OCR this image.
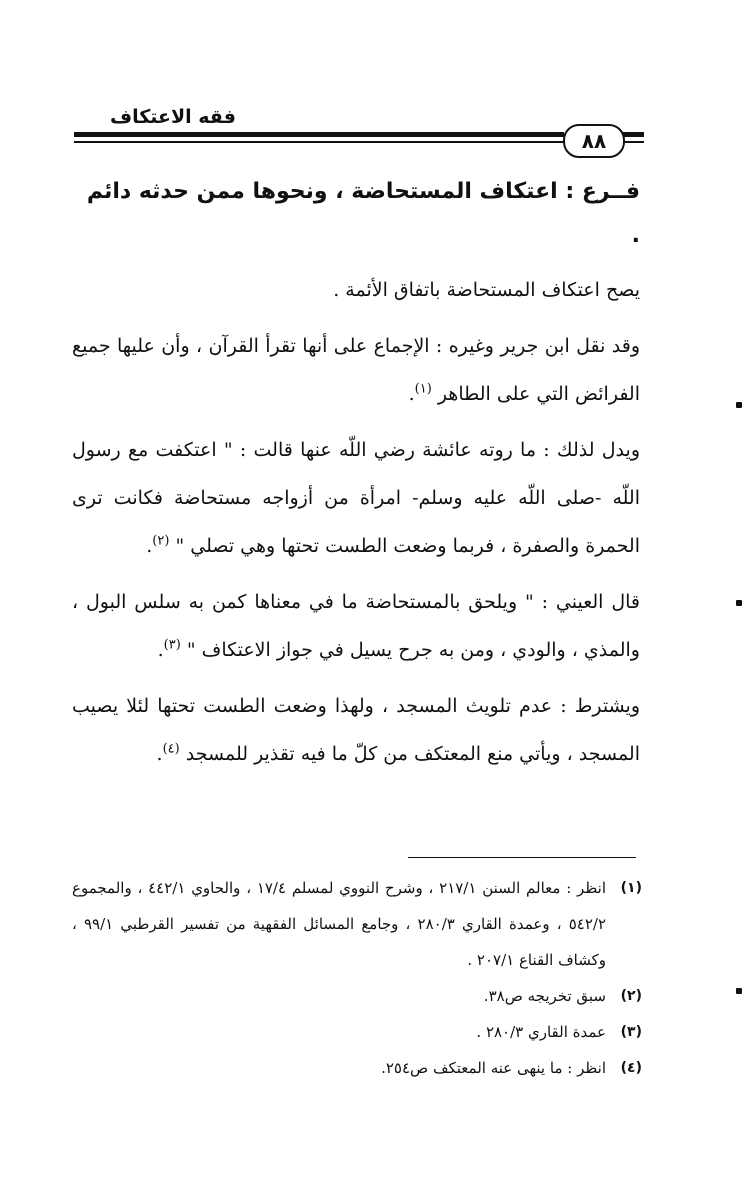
فقه الاعتكاف
٨٨
فــرع : اعتكاف المستحاضة ، ونحوها ممن حدثه دائم .

يصح اعتكاف المستحاضة باتفاق الأئمة .

وقد نقل ابن جرير وغيره : الإجماع على أنها تقرأ القرآن ، وأن عليها جميع الفرائض التي على الطاهر $^{(١)}$.

ويدل لذلك : ما روته عائشة رضي اللّه عنها قالت : " اعتكفت مع رسول اللّه -صلى اللّه عليه وسلم- امرأة من أزواجه مستحاضة فكانت ترى الحمرة والصفرة ، فربما وضعت الطست تحتها وهي تصلي " $^{(٢)}$.

قال العيني : " ويلحق بالمستحاضة ما في معناها كمن به سلس البول ، والمذي ، والودي ، ومن به جرح يسيل في جواز الاعتكاف " $^{(٣)}$.

ويشترط : عدم تلويث المسجد ، ولهذا وضعت الطست تحتها لئلا يصيب المسجد ، ويأتي منع المعتكف من كلّ ما فيه تقذير للمسجد $^{(٤)}$.

(١)
انظر : معالم السنن ٢١٧/١ ، وشرح النووي لمسلم ١٧/٤ ، والحاوي ٤٤٢/١ ، والمجموع ٥٤٢/٢ ، وعمدة القاري ٢٨٠/٣ ، وجامع المسائل الفقهية من تفسير القرطبي ٩٩/١ ، وكشاف القناع ٢٠٧/١ .
(٢)
سبق تخريجه ص٣٨.
(٣)
عمدة القاري ٢٨٠/٣ .
(٤)
انظر : ما ينهى عنه المعتكف ص٢٥٤.
